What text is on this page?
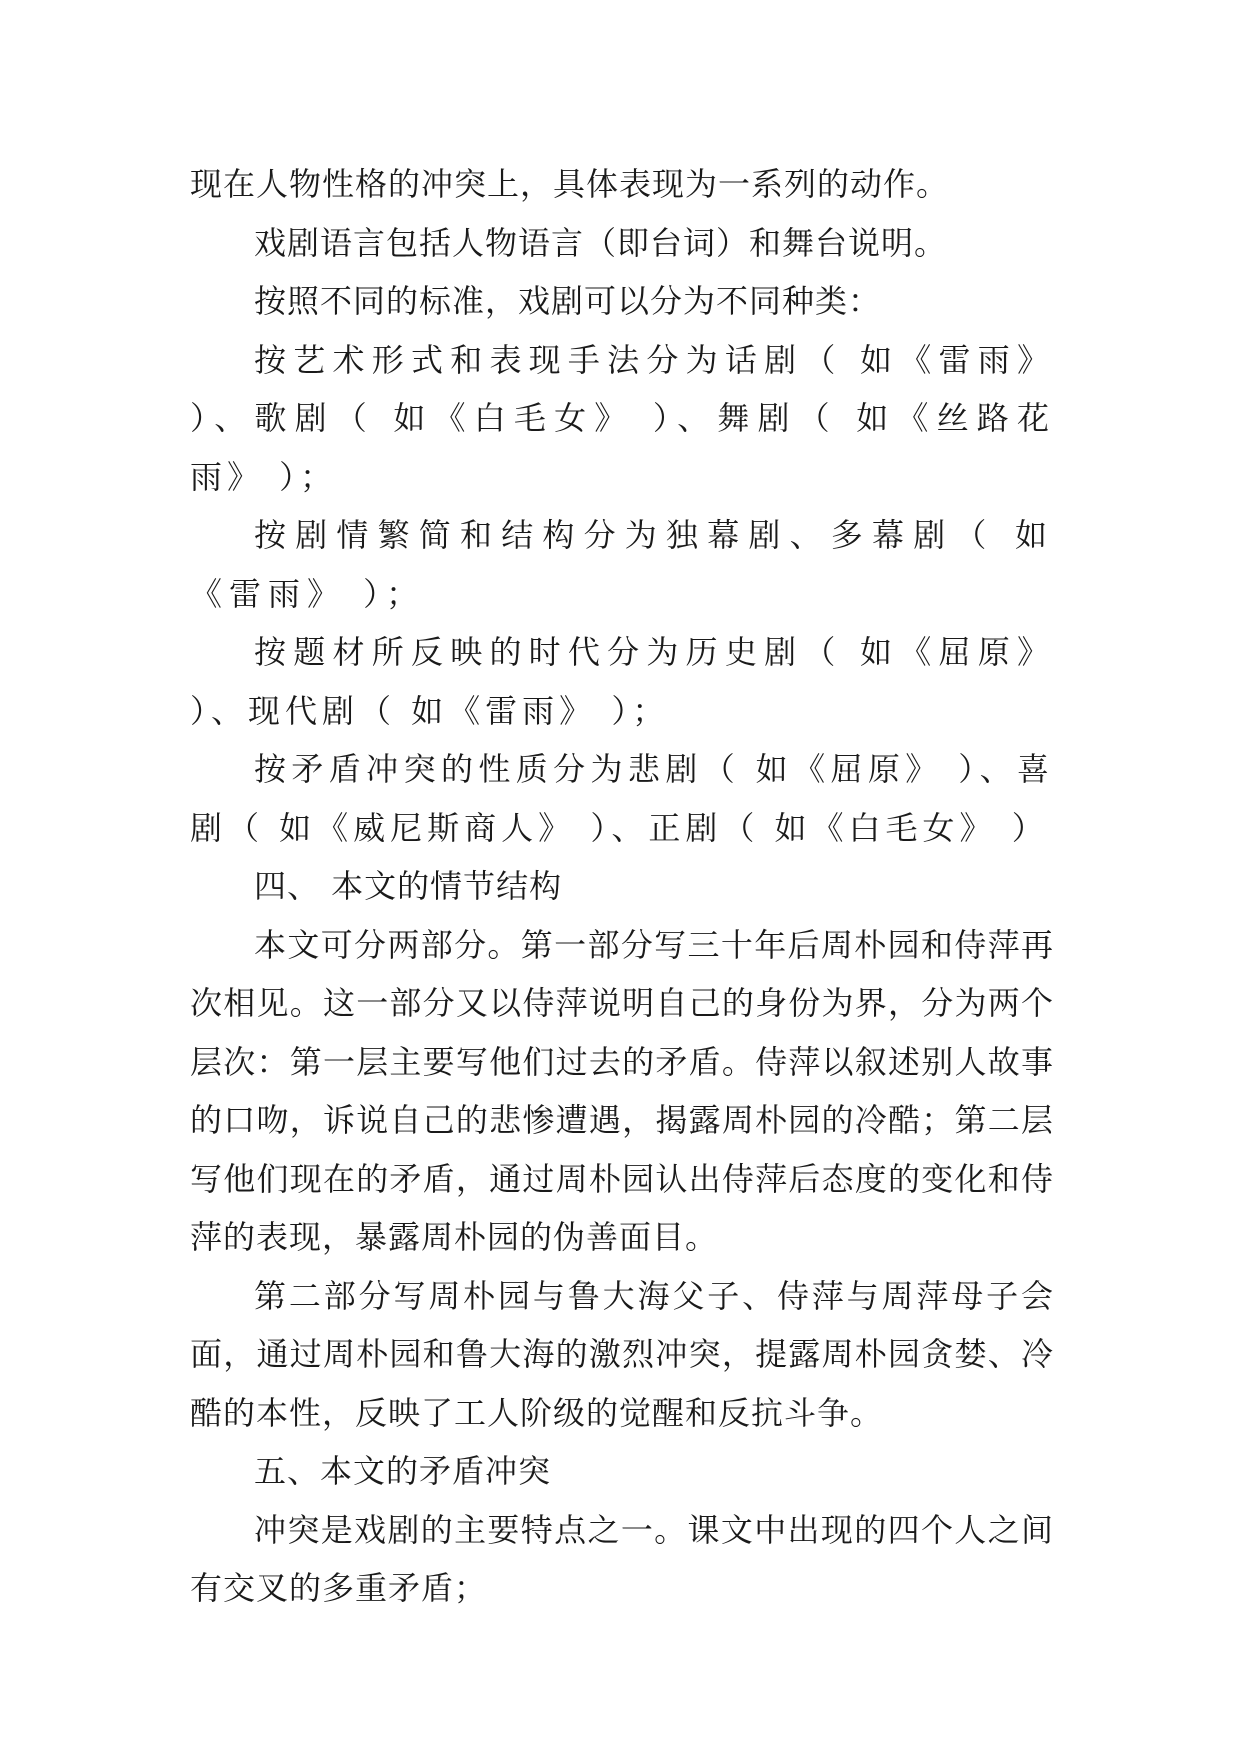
现在人物性格的冲突上，具体表现为一系列的动作。

戏剧语言包括人物语言（即台词）和舞台说明。

按照不同的标准，戏剧可以分为不同种类：

按艺术形式和表现手法分为话剧（ 如《雷雨》 ）、歌剧（ 如《白毛女》 ）、舞剧（ 如《丝路花雨》 ）；

按剧情繁简和结构分为独幕剧、多幕剧（ 如《雷雨》 ）；

按题材所反映的时代分为历史剧（ 如《屈原》 ）、现代剧（ 如《雷雨》 ）；

按矛盾冲突的性质分为悲剧（ 如《屈原》 ）、喜剧（ 如《威尼斯商人》 ）、正剧（ 如《白毛女》 ）

四、 本文的情节结构

本文可分两部分。第一部分写三十年后周朴园和侍萍再次相见。这一部分又以侍萍说明自己的身份为界，分为两个层次：第一层主要写他们过去的矛盾。侍萍以叙述别人故事的口吻，诉说自己的悲惨遭遇，揭露周朴园的冷酷；第二层写他们现在的矛盾，通过周朴园认出侍萍后态度的变化和侍萍的表现，暴露周朴园的伪善面目。

第二部分写周朴园与鲁大海父子、侍萍与周萍母子会面，通过周朴园和鲁大海的激烈冲突，提露周朴园贪婪、冷酷的本性，反映了工人阶级的觉醒和反抗斗争。

五、本文的矛盾冲突

冲突是戏剧的主要特点之一。课文中出现的四个人之间有交叉的多重矛盾；
